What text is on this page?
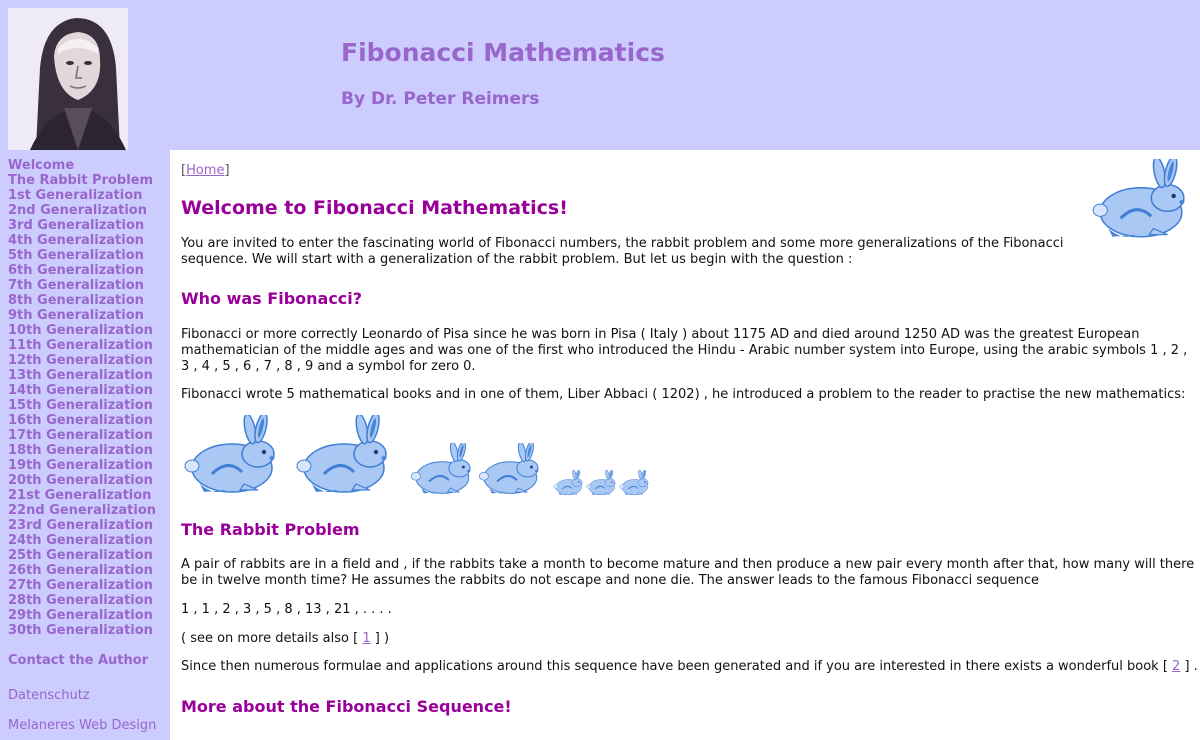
Fibonacci Mathematics
By Dr. Peter Reimers
Welcome
The Rabbit Problem
1st Generalization
2nd Generalization
3rd Generalization
4th Generalization
5th Generalization
6th Generalization
7th Generalization
8th Generalization
9th Generalization
10th Generalization
11th Generalization
12th Generalization
13th Generalization
14th Generalization
15th Generalization
16th Generalization
17th Generalization
18th Generalization
19th Generalization
20th Generalization
21st Generalization
22nd Generalization
23rd Generalization
24th Generalization
25th Generalization
26th Generalization
27th Generalization
28th Generalization
29th Generalization
30th Generalization
Contact the Author
Datenschutz
Melaneres Web Design

[Home]

Welcome to Fibonacci Mathematics!

You are invited to enter the fascinating world of Fibonacci numbers, the rabbit problem and some more generalizations of the Fibonacci

sequence. We will start with a generalization of the rabbit problem. But let us begin with the question :

Who was Fibonacci?

Fibonacci or more correctly Leonardo of Pisa since he was born in Pisa ( Italy ) about 1175 AD and died around 1250 AD was the greatest European

mathematician of the middle ages and was one of the first who introduced the Hindu - Arabic number system into Europe, using the arabic symbols 1 , 2 ,

3 , 4 , 5 , 6 , 7 , 8 , 9 and a symbol for zero 0.

Fibonacci wrote 5 mathematical books and in one of them, Liber Abbaci ( 1202) , he introduced a problem to the reader to practise the new mathematics:

The Rabbit Problem

A pair of rabbits are in a field and , if the rabbits take a month to become mature and then produce a new pair every month after that, how many will there

be in twelve month time? He assumes the rabbits do not escape and none die. The answer leads to the famous Fibonacci sequence

1 , 1 , 2 , 3 , 5 , 8 , 13 , 21 , . . . .

( see on more details also [ 1 ] )

Since then numerous formulae and applications around this sequence have been generated and if you are interested in there exists a wonderful book [ 2 ] .

More about the Fibonacci Sequence!
